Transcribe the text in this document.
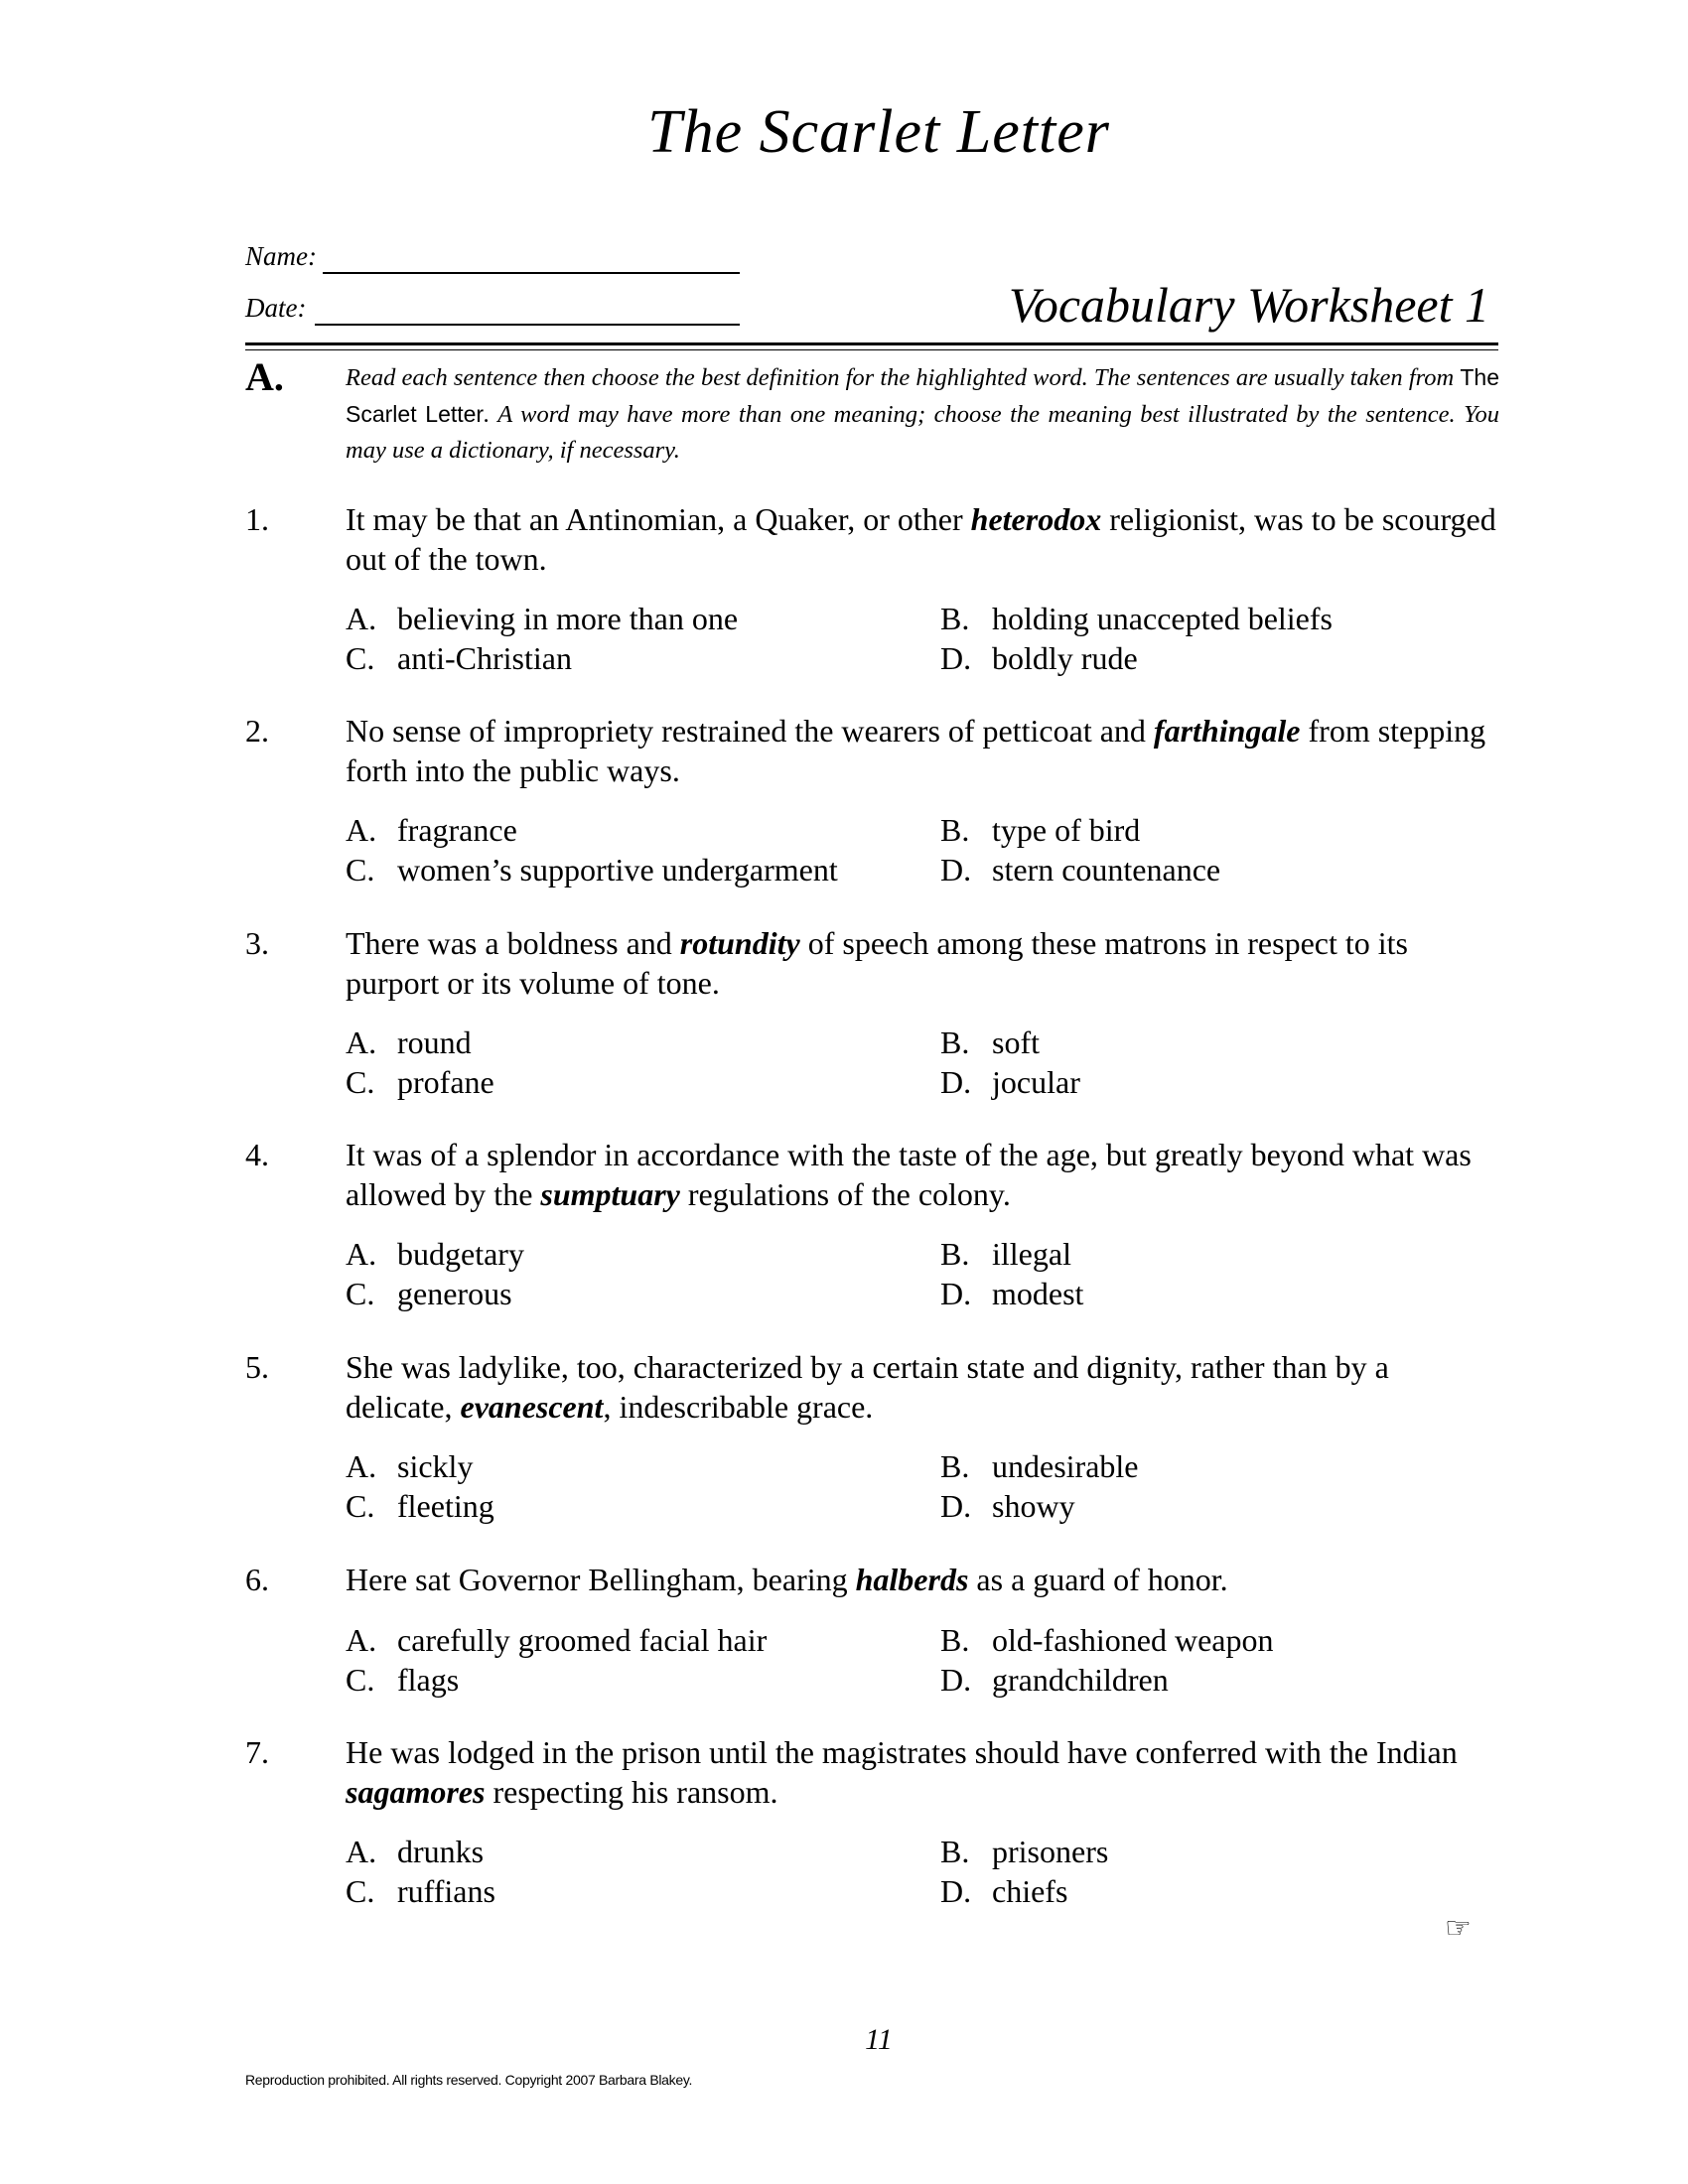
The Scarlet Letter
Name:
Date:	Vocabulary Worksheet 1
A.	Read each sentence then choose the best definition for the highlighted word. The sentences are usually taken from The Scarlet Letter. A word may have more than one meaning; choose the meaning best illustrated by the sentence. You may use a dictionary, if necessary.
1. It may be that an Antinomian, a Quaker, or other heterodox religionist, was to be scourged out of the town.
A. believing in more than one	B. holding unaccepted beliefs
C. anti-Christian	D. boldly rude
2. No sense of impropriety restrained the wearers of petticoat and farthingale from stepping forth into the public ways.
A. fragrance	B. type of bird
C. women’s supportive undergarment	D. stern countenance
3. There was a boldness and rotundity of speech among these matrons in respect to its purport or its volume of tone.
A. round	B. soft
C. profane	D. jocular
4. It was of a splendor in accordance with the taste of the age, but greatly beyond what was allowed by the sumptuary regulations of the colony.
A. budgetary	B. illegal
C. generous	D. modest
5. She was ladylike, too, characterized by a certain state and dignity, rather than by a delicate, evanescent, indescribable grace.
A. sickly	B. undesirable
C. fleeting	D. showy
6. Here sat Governor Bellingham, bearing halberds as a guard of honor.
A. carefully groomed facial hair	B. old-fashioned weapon
C. flags	D. grandchildren
7. He was lodged in the prison until the magistrates should have conferred with the Indian sagamores respecting his ransom.
A. drunks	B. prisoners
C. ruffians	D. chiefs
☞
11
Reproduction prohibited. All rights reserved. Copyright 2007 Barbara Blakey.
